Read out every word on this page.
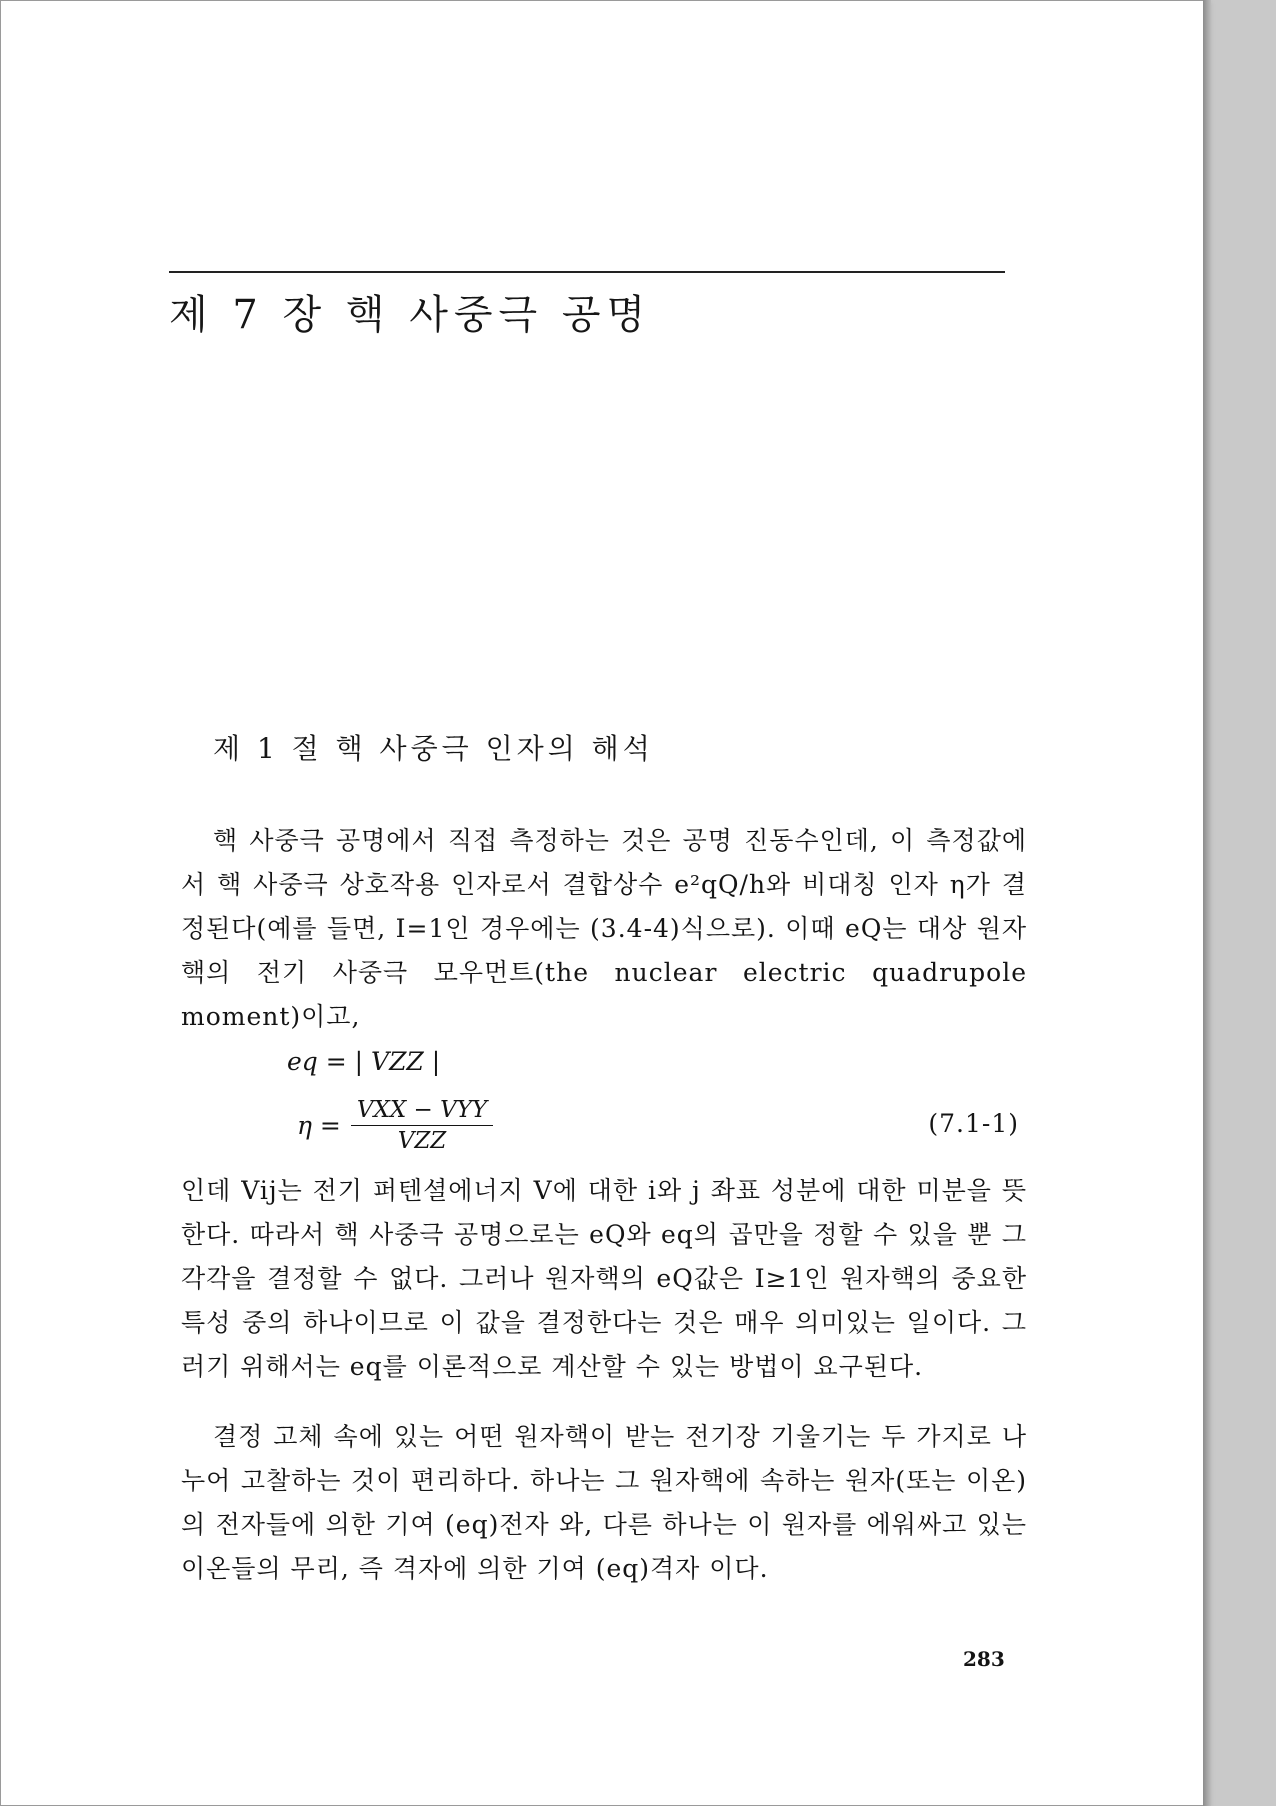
제 7 장 핵 사중극 공명
제 1 절 핵 사중극 인자의 해석

핵 사중극 공명에서 직접 측정하는 것은 공명 진동수인데, 이 측정값에서 핵 사중극 상호작용 인자로서 결합상수 e²qQ/h와 비대칭 인자 η가 결정된다(예를 들면, I=1인 경우에는 (3.4-4)식으로). 이때 eQ는 대상 원자핵의 전기 사중극 모우먼트(the nuclear electric quadrupole moment)이고,

eq = | VZZ |
$\eta = \frac{\text{VXX − VYY}}{\text{VZZ}}$	(7.1-1)

인데 Vij는 전기 퍼텐셜에너지 V에 대한 i와 j 좌표 성분에 대한 미분을 뜻한다. 따라서 핵 사중극 공명으로는 eQ와 eq의 곱만을 정할 수 있을 뿐 그 각각을 결정할 수 없다. 그러나 원자핵의 eQ값은 I≥1인 원자핵의 중요한 특성 중의 하나이므로 이 값을 결정한다는 것은 매우 의미있는 일이다. 그러기 위해서는 eq를 이론적으로 계산할 수 있는 방법이 요구된다.

결정 고체 속에 있는 어떤 원자핵이 받는 전기장 기울기는 두 가지로 나누어 고찰하는 것이 편리하다. 하나는 그 원자핵에 속하는 원자(또는 이온)의 전자들에 의한 기여 (eq)전자 와, 다른 하나는 이 원자를 에워싸고 있는 이온들의 무리, 즉 격자에 의한 기여 (eq)격자 이다.

283
